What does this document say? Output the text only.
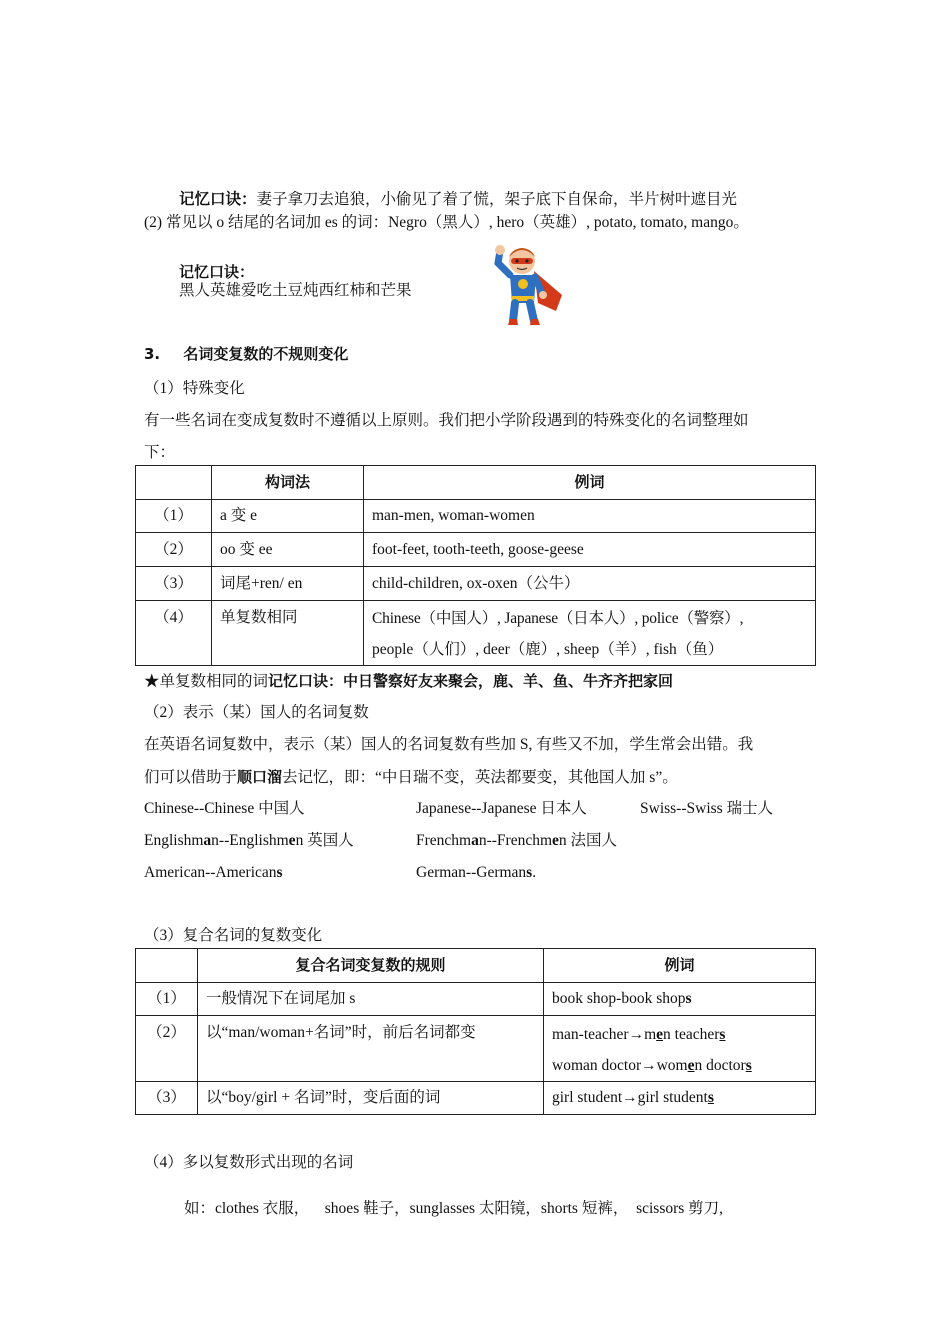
记忆口诀：妻子拿刀去追狼，小偷见了着了慌，架子底下自保命，半片树叶遮目光
(2) 常见以 o 结尾的名词加 es 的词：Negro（黑人）, hero（英雄）, potato, tomato, mango。
记忆口诀：
黑人英雄爱吃土豆炖西红柿和芒果
3. 名词变复数的不规则变化
（1）特殊变化
有一些名词在变成复数时不遵循以上原则。我们把小学阶段遇到的特殊变化的名词整理如
下：
	构词法	例词
（1）	a 变 e	man-men, woman-women
（2）	oo 变 ee	foot-feet, tooth-teeth, goose-geese
（3）	词尾+ren/ en	child-children, ox-oxen（公牛）
（4）	单复数相同	Chinese（中国人）, Japanese（日本人）, police（警察）,
people（人们）, deer（鹿）, sheep（羊）, fish（鱼）
★单复数相同的词记忆口诀：中日警察好友来聚会，鹿、羊、鱼、牛齐齐把家回
（2）表示（某）国人的名词复数
在英语名词复数中，表示（某）国人的名词复数有些加 S, 有些又不加，学生常会出错。我
们可以借助于顺口溜去记忆，即：“中日瑞不变，英法都要变，其他国人加 s”。
Chinese--Chinese 中国人	Japanese--Japanese 日本人	Swiss--Swiss 瑞士人
Englishman--Englishmen 英国人	Frenchman--Frenchmen 法国人
American--Americans	German--Germans.
（3）复合名词的复数变化
	复合名词变复数的规则	例词
（1）	一般情况下在词尾加 s	book shop-book shops
（2）	以“man/woman+名词”时，前后名词都变	man-teacher→men teachers
woman doctor→women doctors

（3）	以“boy/girl + 名词”时，变后面的词	girl student→girl students
（4）多以复数形式出现的名词
如：clothes 衣服，    shoes 鞋子，sunglasses 太阳镜，shorts 短裤，  scissors 剪刀,
